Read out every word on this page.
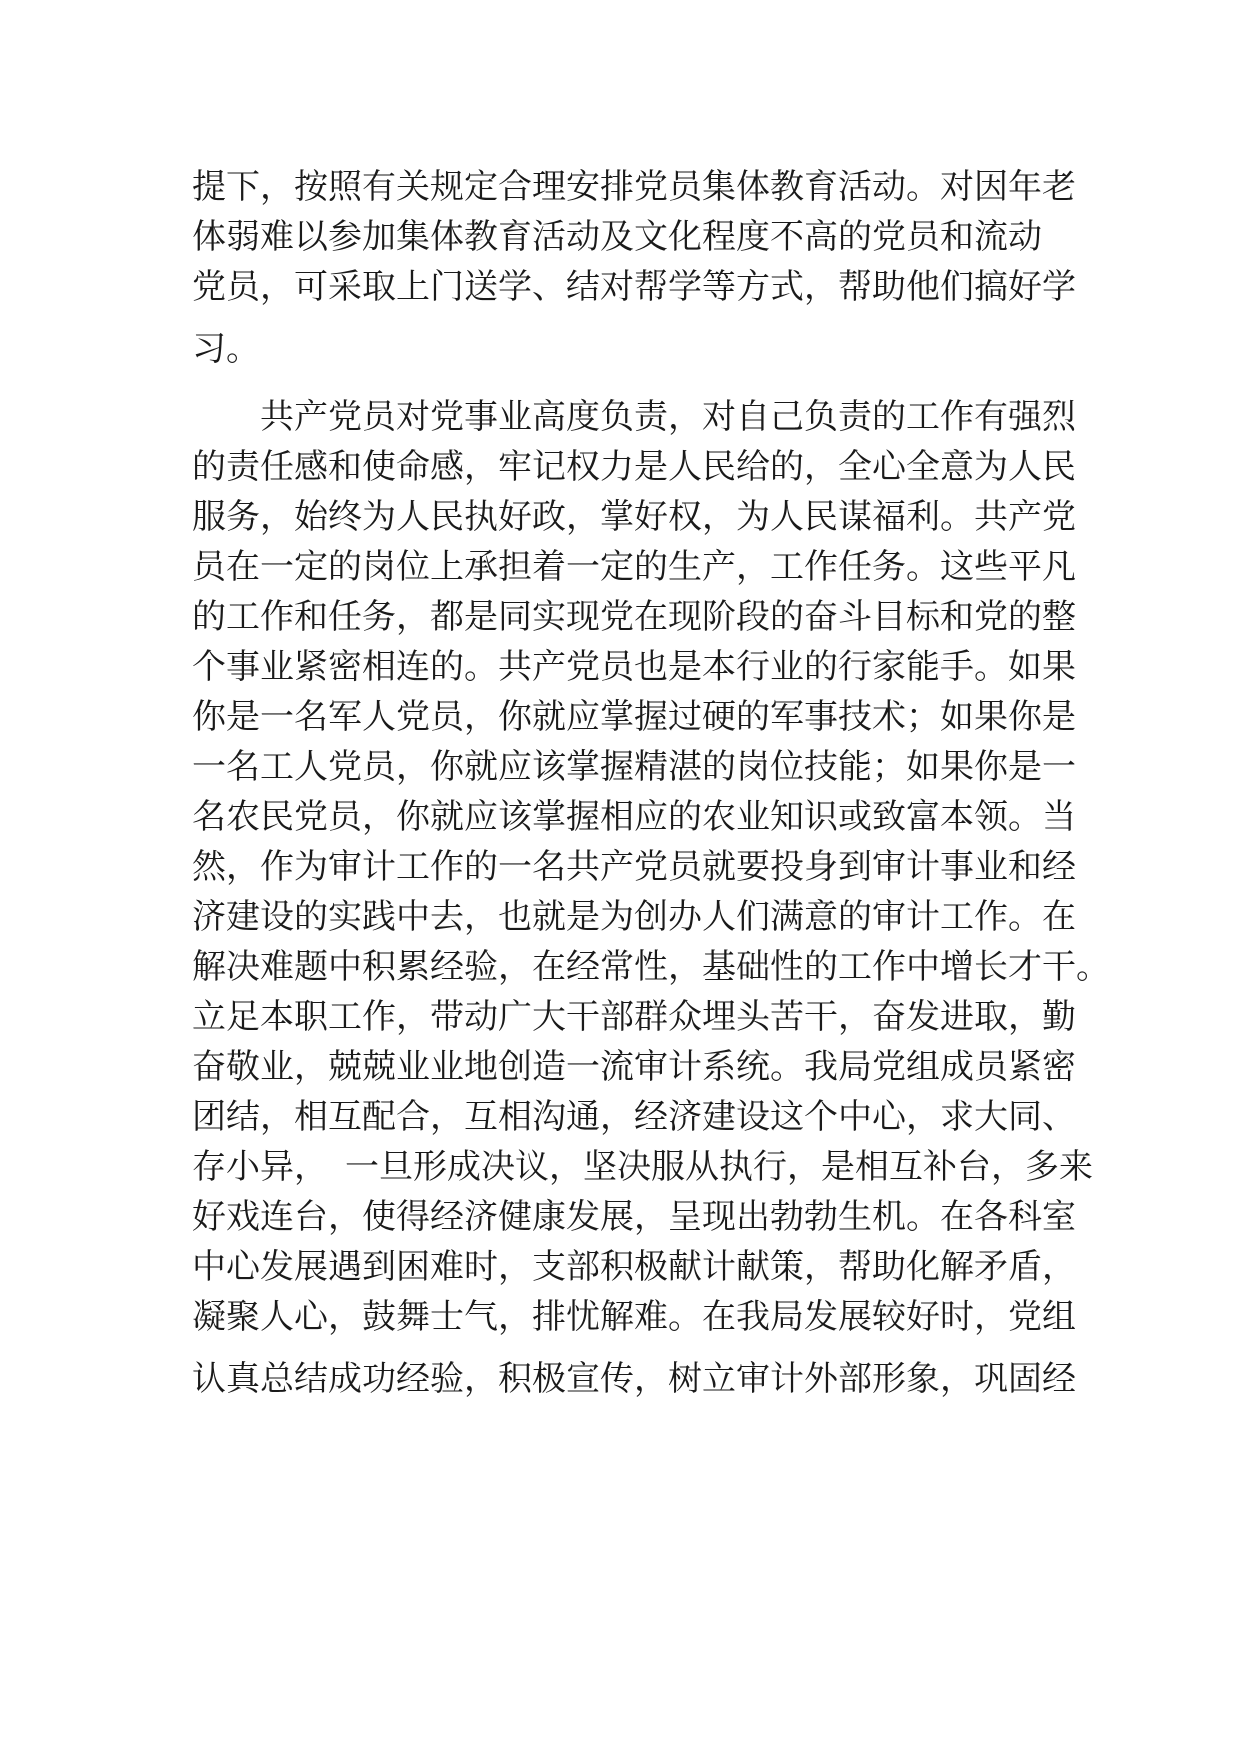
提下，按照有关规定合理安排党员集体教育活动。对因年老
体弱难以参加集体教育活动及文化程度不高的党员和流动
党员，可采取上门送学、结对帮学等方式，帮助他们搞好学
习。
　　共产党员对党事业高度负责，对自己负责的工作有强烈
的责任感和使命感，牢记权力是人民给的，全心全意为人民
服务，始终为人民执好政，掌好权，为人民谋福利。共产党
员在一定的岗位上承担着一定的生产，工作任务。这些平凡
的工作和任务，都是同实现党在现阶段的奋斗目标和党的整
个事业紧密相连的。共产党员也是本行业的行家能手。如果
你是一名军人党员，你就应掌握过硬的军事技术；如果你是
一名工人党员，你就应该掌握精湛的岗位技能；如果你是一
名农民党员，你就应该掌握相应的农业知识或致富本领。当
然，作为审计工作的一名共产党员就要投身到审计事业和经
济建设的实践中去，也就是为创办人们满意的审计工作。在
解决难题中积累经验，在经常性，基础性的工作中增长才干。
立足本职工作，带动广大干部群众埋头苦干，奋发进取，勤
奋敬业，兢兢业业地创造一流审计系统。我局党组成员紧密
团结，相互配合，互相沟通，经济建设这个中心，求大同、
存小异，　一旦形成决议，坚决服从执行，是相互补台，多来
好戏连台，使得经济健康发展，呈现出勃勃生机。在各科室
中心发展遇到困难时，支部积极献计献策，帮助化解矛盾，
凝聚人心，鼓舞士气，排忧解难。在我局发展较好时，党组
认真总结成功经验，积极宣传，树立审计外部形象，巩固经
